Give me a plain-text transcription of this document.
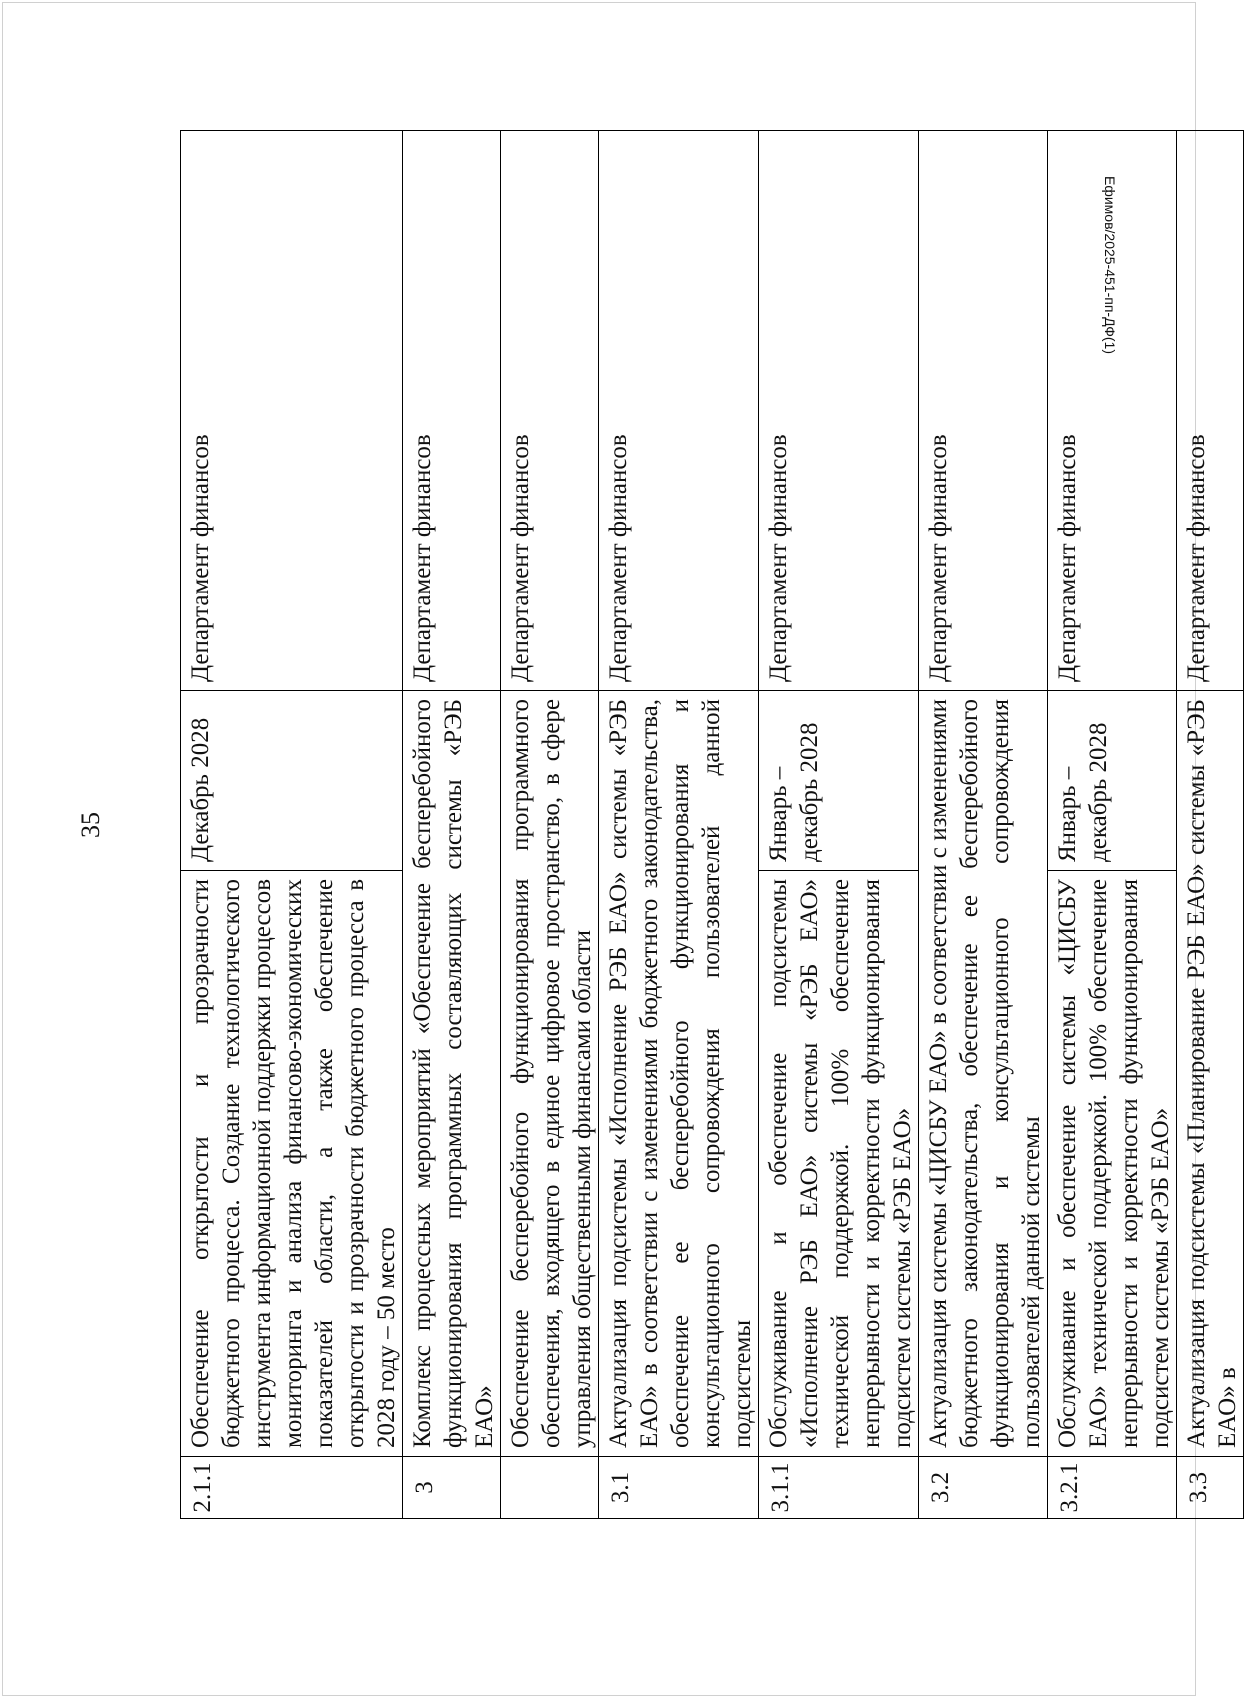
35
Ефимов/2025-451-пп-ДФ(1)
2.1.1	Обеспечение открытости и прозрачности бюджетного процесса. Создание технологического инструмента информационной поддержки процессов мониторинга и анализа финансово-экономических показателей области, а также обеспечение открытости и прозрачности бюджетного процесса в 2028 году – 50 место	Декабрь 2028	Департамент финансов
3	Комплекс процессных мероприятий «Обеспечение бесперебойного функционирования программных составляющих системы «РЭБ ЕАО»		Департамент финансов
	Обеспечение бесперебойного функционирования программного обеспечения, входящего в единое цифровое пространство, в сфере управления общественными финансами области		Департамент финансов
3.1	Актуализация подсистемы «Исполнение РЭБ ЕАО» системы «РЭБ ЕАО» в соответствии с изменениями бюджетного законодательства, обеспечение ее бесперебойного функционирования и консультационного сопровождения пользователей данной подсистемы		Департамент финансов
3.1.1	Обслуживание и обеспечение подсистемы «Исполнение РЭБ ЕАО» системы «РЭБ ЕАО» технической поддержкой. 100% обеспечение непрерывности и корректности функционирования подсистем системы «РЭБ ЕАО»	Январь – декабрь 2028	Департамент финансов
3.2	Актуализация системы «ЦИСБУ ЕАО» в соответствии с изменениями бюджетного законодательства, обеспечение ее бесперебойного функционирования и консультационного сопровождения пользователей данной системы		Департамент финансов
3.2.1	Обслуживание и обеспечение системы «ЦИСБУ ЕАО» технической поддержкой. 100% обеспечение непрерывности и корректности функционирования подсистем системы «РЭБ ЕАО»	Январь – декабрь 2028	Департамент финансов
3.3	Актуализация подсистемы «Планирование РЭБ ЕАО» системы «РЭБ ЕАО» в		Департамент финансов
